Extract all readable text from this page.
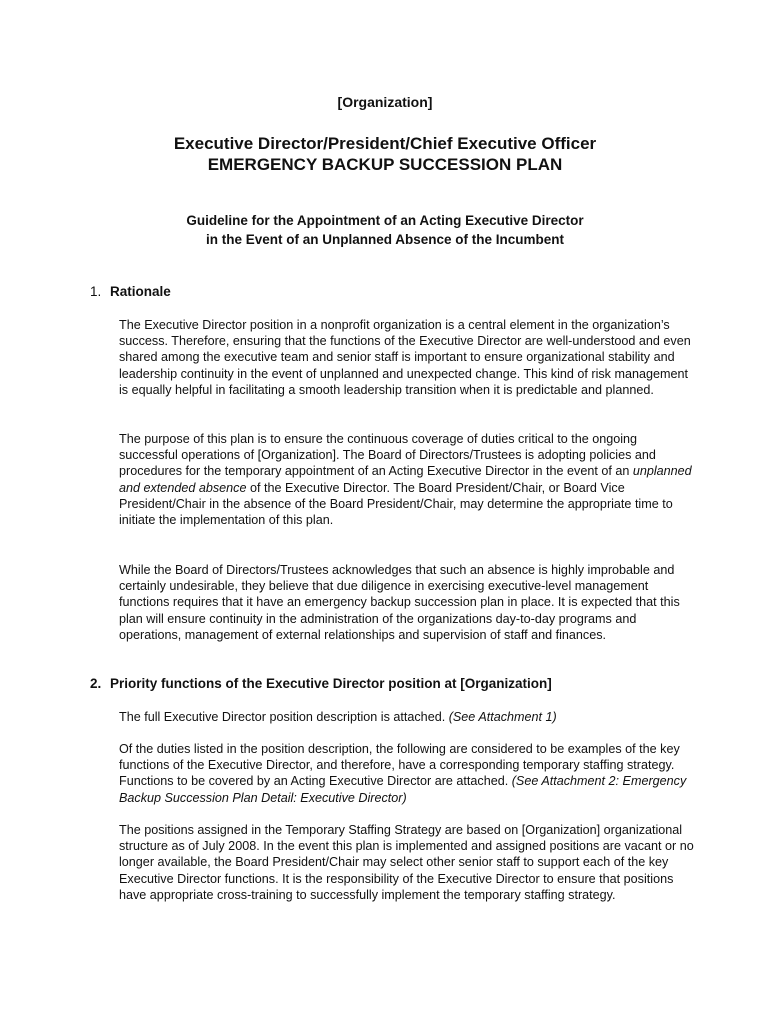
[Organization]

Executive Director/President/Chief Executive Officer
EMERGENCY BACKUP SUCCESSION PLAN
Guideline for the Appointment of an Acting Executive Director
in the Event of an Unplanned Absence of the Incumbent

1. Rationale

The Executive Director position in a nonprofit organization is a central element in the organization’s success. Therefore, ensuring that the functions of the Executive Director are well-understood and even shared among the executive team and senior staff is important to ensure organizational stability and leadership continuity in the event of unplanned and unexpected change. This kind of risk management is equally helpful in facilitating a smooth leadership transition when it is predictable and planned.

The purpose of this plan is to ensure the continuous coverage of duties critical to the ongoing successful operations of [Organization]. The Board of Directors/Trustees is adopting policies and procedures for the temporary appointment of an Acting Executive Director in the event of an unplanned and extended absence of the Executive Director. The Board President/Chair, or Board Vice President/Chair in the absence of the Board President/Chair, may determine the appropriate time to initiate the implementation of this plan.

While the Board of Directors/Trustees acknowledges that such an absence is highly improbable and certainly undesirable, they believe that due diligence in exercising executive-level management functions requires that it have an emergency backup succession plan in place. It is expected that this plan will ensure continuity in the administration of the organizations day-to-day programs and operations, management of external relationships and supervision of staff and finances.

2. Priority functions of the Executive Director position at [Organization]

The full Executive Director position description is attached. (See Attachment 1)

Of the duties listed in the position description, the following are considered to be examples of the key functions of the Executive Director, and therefore, have a corresponding temporary staffing strategy. Functions to be covered by an Acting Executive Director are attached. (See Attachment 2: Emergency Backup Succession Plan Detail: Executive Director)

The positions assigned in the Temporary Staffing Strategy are based on [Organization] organizational structure as of July 2008. In the event this plan is implemented and assigned positions are vacant or no longer available, the Board President/Chair may select other senior staff to support each of the key Executive Director functions. It is the responsibility of the Executive Director to ensure that positions have appropriate cross-training to successfully implement the temporary staffing strategy.
